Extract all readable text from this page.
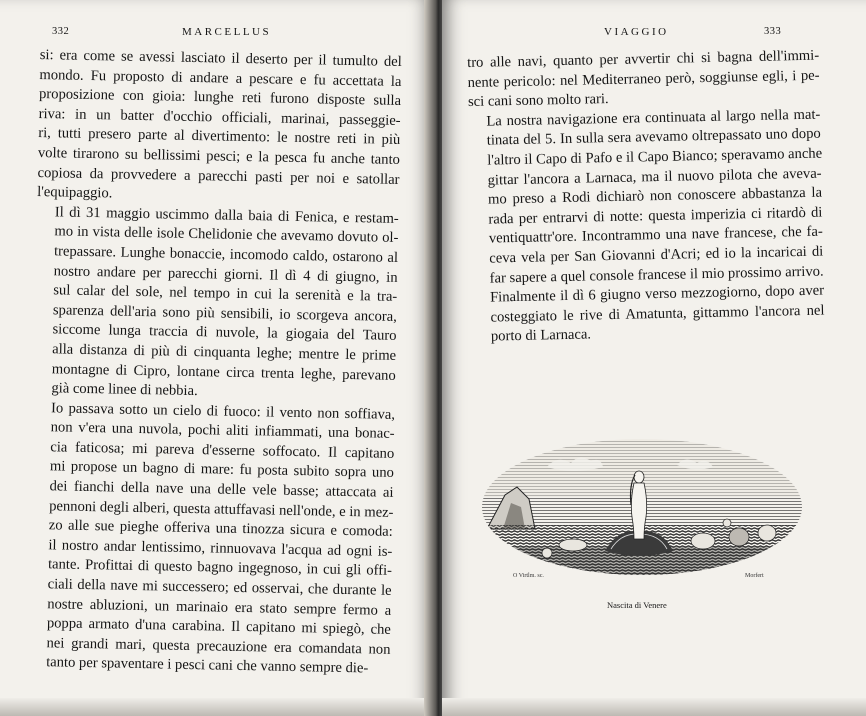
332	MARCELLUS

si: era come se avessi lasciato il deserto per il tumulto del
mondo. Fu proposto di andare a pescare e fu accettata la
proposizione con gioia: lunghe reti furono disposte sulla
riva: in un batter d'occhio officiali, marinai, passeggie-
ri, tutti presero parte al divertimento: le nostre reti in più
volte tirarono su bellissimi pesci; e la pesca fu anche tanto
copiosa da provvedere a parecchi pasti per noi e satollar
l'equipaggio.

Il dì 31 maggio uscimmo dalla baia di Fenica, e restam-
mo in vista delle isole Chelidonie che avevamo dovuto ol-
trepassare. Lunghe bonaccie, incomodo caldo, ostarono al
nostro andare per parecchi giorni. Il dì 4 di giugno, in
sul calar del sole, nel tempo in cui la serenità e la tra-
sparenza dell'aria sono più sensibili, io scorgeva ancora,
siccome lunga traccia di nuvole, la giogaia del Tauro
alla distanza di più di cinquanta leghe; mentre le prime
montagne di Cipro, lontane circa trenta leghe, parevano
già come linee di nebbia.

Io passava sotto un cielo di fuoco: il vento non soffiava,
non v'era una nuvola, pochi aliti infiammati, una bonac-
cia faticosa; mi pareva d'esserne soffocato. Il capitano
mi propose un bagno di mare: fu posta subito sopra uno
dei fianchi della nave una delle vele basse; attaccata ai
pennoni degli alberi, questa attuffavasi nell'onde, e in mez-
zo alle sue pieghe offeriva una tinozza sicura e comoda:
il nostro andar lentissimo, rinnuovava l'acqua ad ogni is-
tante. Profittai di questo bagno ingegnoso, in cui gli offi-
ciali della nave mi successero; ed osservai, che durante le
nostre abluzioni, un marinaio era stato sempre fermo a
poppa armato d'una carabina. Il capitano mi spiegò, che
nei grandi mari, questa precauzione era comandata non
tanto per spaventare i pesci cani che vanno sempre die-

VIAGGIO	333

tro alle navi, quanto per avvertir chi si bagna dell'immi-
nente pericolo: nel Mediterraneo però, soggiunse egli, i pe-
sci cani sono molto rari.

La nostra navigazione era continuata al largo nella mat-
tinata del 5. In sulla sera avevamo oltrepassato uno dopo
l'altro il Capo di Pafo e il Capo Bianco; speravamo anche
gittar l'ancora a Larnaca, ma il nuovo pilota che aveva-
mo preso a Rodi dichiarò non conoscere abbastanza la
rada per entrarvi di notte: questa imperizia ci ritardò di
ventiquattr'ore. Incontrammo una nave francese, che fa-
ceva vela per San Giovanni d'Acri; ed io la incaricai di
far sapere a quel console francese il mio prossimo arrivo.
Finalmente il dì 6 giugno verso mezzogiorno, dopo aver
costeggiato le rive di Amatunta, gittammo l'ancora nel
porto di Larnaca.

O Virtlm. sc.	Morfert
Nascita di Venere
